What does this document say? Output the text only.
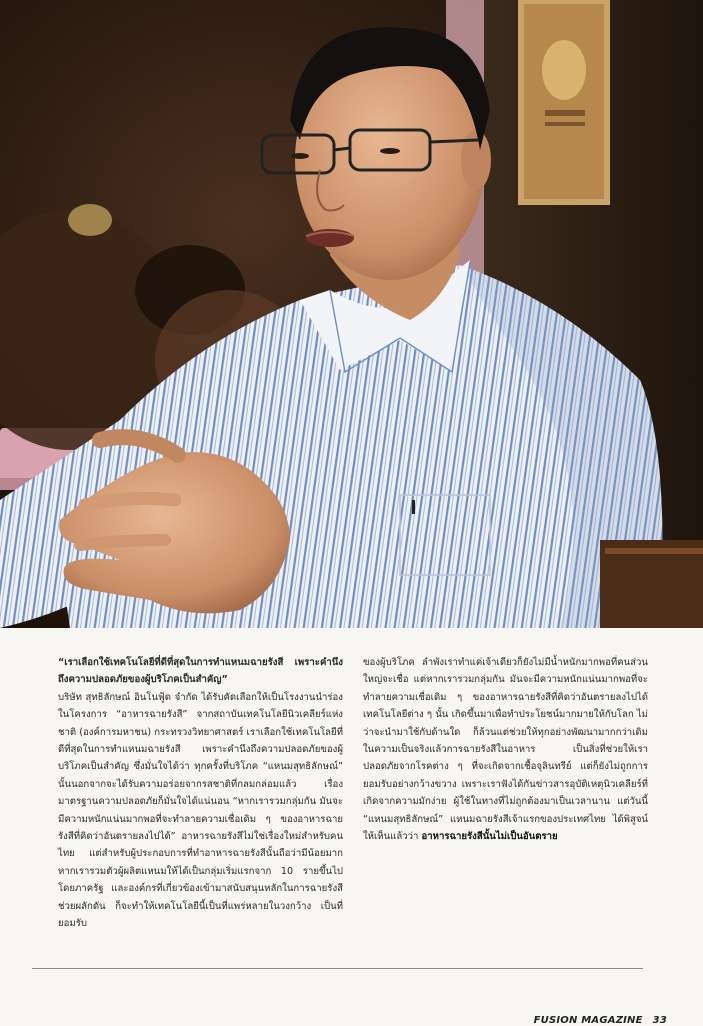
“เราเลือกใช้เทคโนโลยีที่ดีที่สุดในการทำแหนมฉายรังสี เพราะคำนึงถึงความปลอดภัยของผู้บริโภคเป็นสำคัญ”

บริษัท สุทธิลักษณ์ อินโนฟู้ด จำกัด ได้รับคัดเลือกให้เป็นโรงงานนำร่องในโครงการ “อาหารฉายรังสี” จากสถาบันเทคโนโลยีนิวเคลียร์แห่งชาติ (องค์การมหาชน) กระทรวงวิทยาศาสตร์ เราเลือกใช้เทคโนโลยีที่ดีที่สุดในการทำแหนมฉายรังสี เพราะคำนึงถึงความปลอดภัยของผู้บริโภคเป็นสำคัญ ซึ่งมั่นใจได้ว่า ทุกครั้งที่บริโภค “แหนมสุทธิลักษณ์” นั้นนอกจากจะได้รับความอร่อยจากรสชาติที่กลมกล่อมแล้ว เรื่องมาตรฐานความปลอดภัยก็มั่นใจได้แน่นอน “หากเรารวมกลุ่มกัน มันจะมีความหนักแน่นมากพอที่จะทำลายความเชื่อเดิม ๆ ของอาหารฉายรังสีที่คิดว่าอันตรายลงไปได้” อาหารฉายรังสีไม่ใช่เรื่องใหม่สำหรับคนไทย แต่สำหรับผู้ประกอบการที่ทำอาหารฉายรังสีนั้นถือว่ามีน้อยมาก หากเรารวมตัวผู้ผลิตแหนมให้ได้เป็นกลุ่มเริ่มแรกจาก 10 รายขึ้นไป โดยภาครัฐ และองค์กรที่เกี่ยวข้องเข้ามาสนับสนุนหลักในการฉายรังสี ช่วยผลักดัน ก็จะทำให้เทคโนโลยีนี้เป็นที่แพร่หลายในวงกว้าง เป็นที่ยอมรับ

ของผู้บริโภค ลำพังเราทำแค่เจ้าเดียวก็ยังไม่มีน้ำหนักมากพอที่คนส่วนใหญ่จะเชื่อ แต่หากเรารวมกลุ่มกัน มันจะมีความหนักแน่นมากพอที่จะทำลายความเชื่อเดิม ๆ ของอาหารฉายรังสีที่คิดว่าอันตรายลงไปได้ เทคโนโลยีต่าง ๆ นั้น เกิดขึ้นมาเพื่อทำประโยชน์มากมายให้กับโลก ไม่ว่าจะนำมาใช้กับด้านใด ก็ล้วนแต่ช่วยให้ทุกอย่างพัฒนามากกว่าเดิม ในความเป็นจริงแล้วการฉายรังสีในอาหาร เป็นสิ่งที่ช่วยให้เราปลอดภัยจากโรคต่าง ๆ ที่จะเกิดจากเชื้อจุลินทรีย์ แต่ก็ยังไม่ถูกการยอมรับอย่างกว้างขวาง เพราะเราฟังได้กันข่าวสารอุบัติเหตุนิวเคลียร์ที่เกิดจากความมักง่าย ผู้ใช้ในทางที่ไม่ถูกต้องมาเป็นเวลานาน แต่วันนี้ “แหนมสุทธิลักษณ์” แหนมฉายรังสีเจ้าแรกของประเทศไทย ได้พิสูจน์ให้เห็นแล้วว่า อาหารฉายรังสีนั้นไม่เป็นอันตราย

FUSION MAGAZINE 33
